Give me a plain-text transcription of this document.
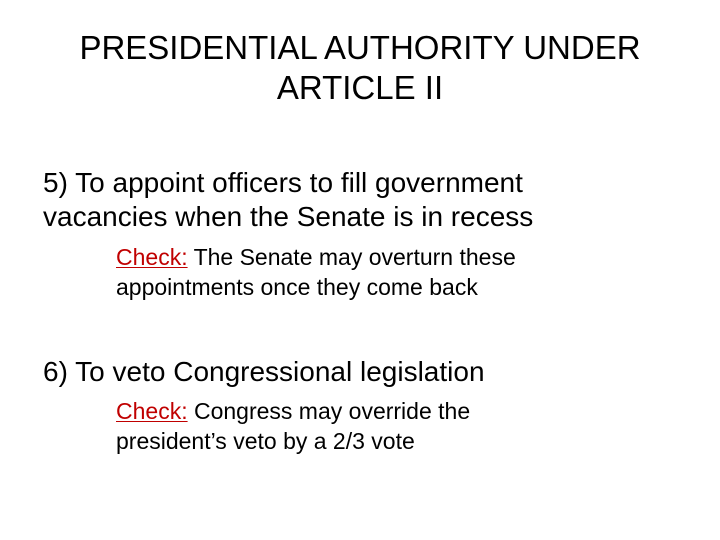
PRESIDENTIAL AUTHORITY UNDER
ARTICLE II
5) To appoint officers to fill government
vacancies when the Senate is in recess
Check: The Senate may overturn these
appointments once they come back
6) To veto Congressional legislation
Check: Congress may override the
president’s veto by a 2/3 vote
